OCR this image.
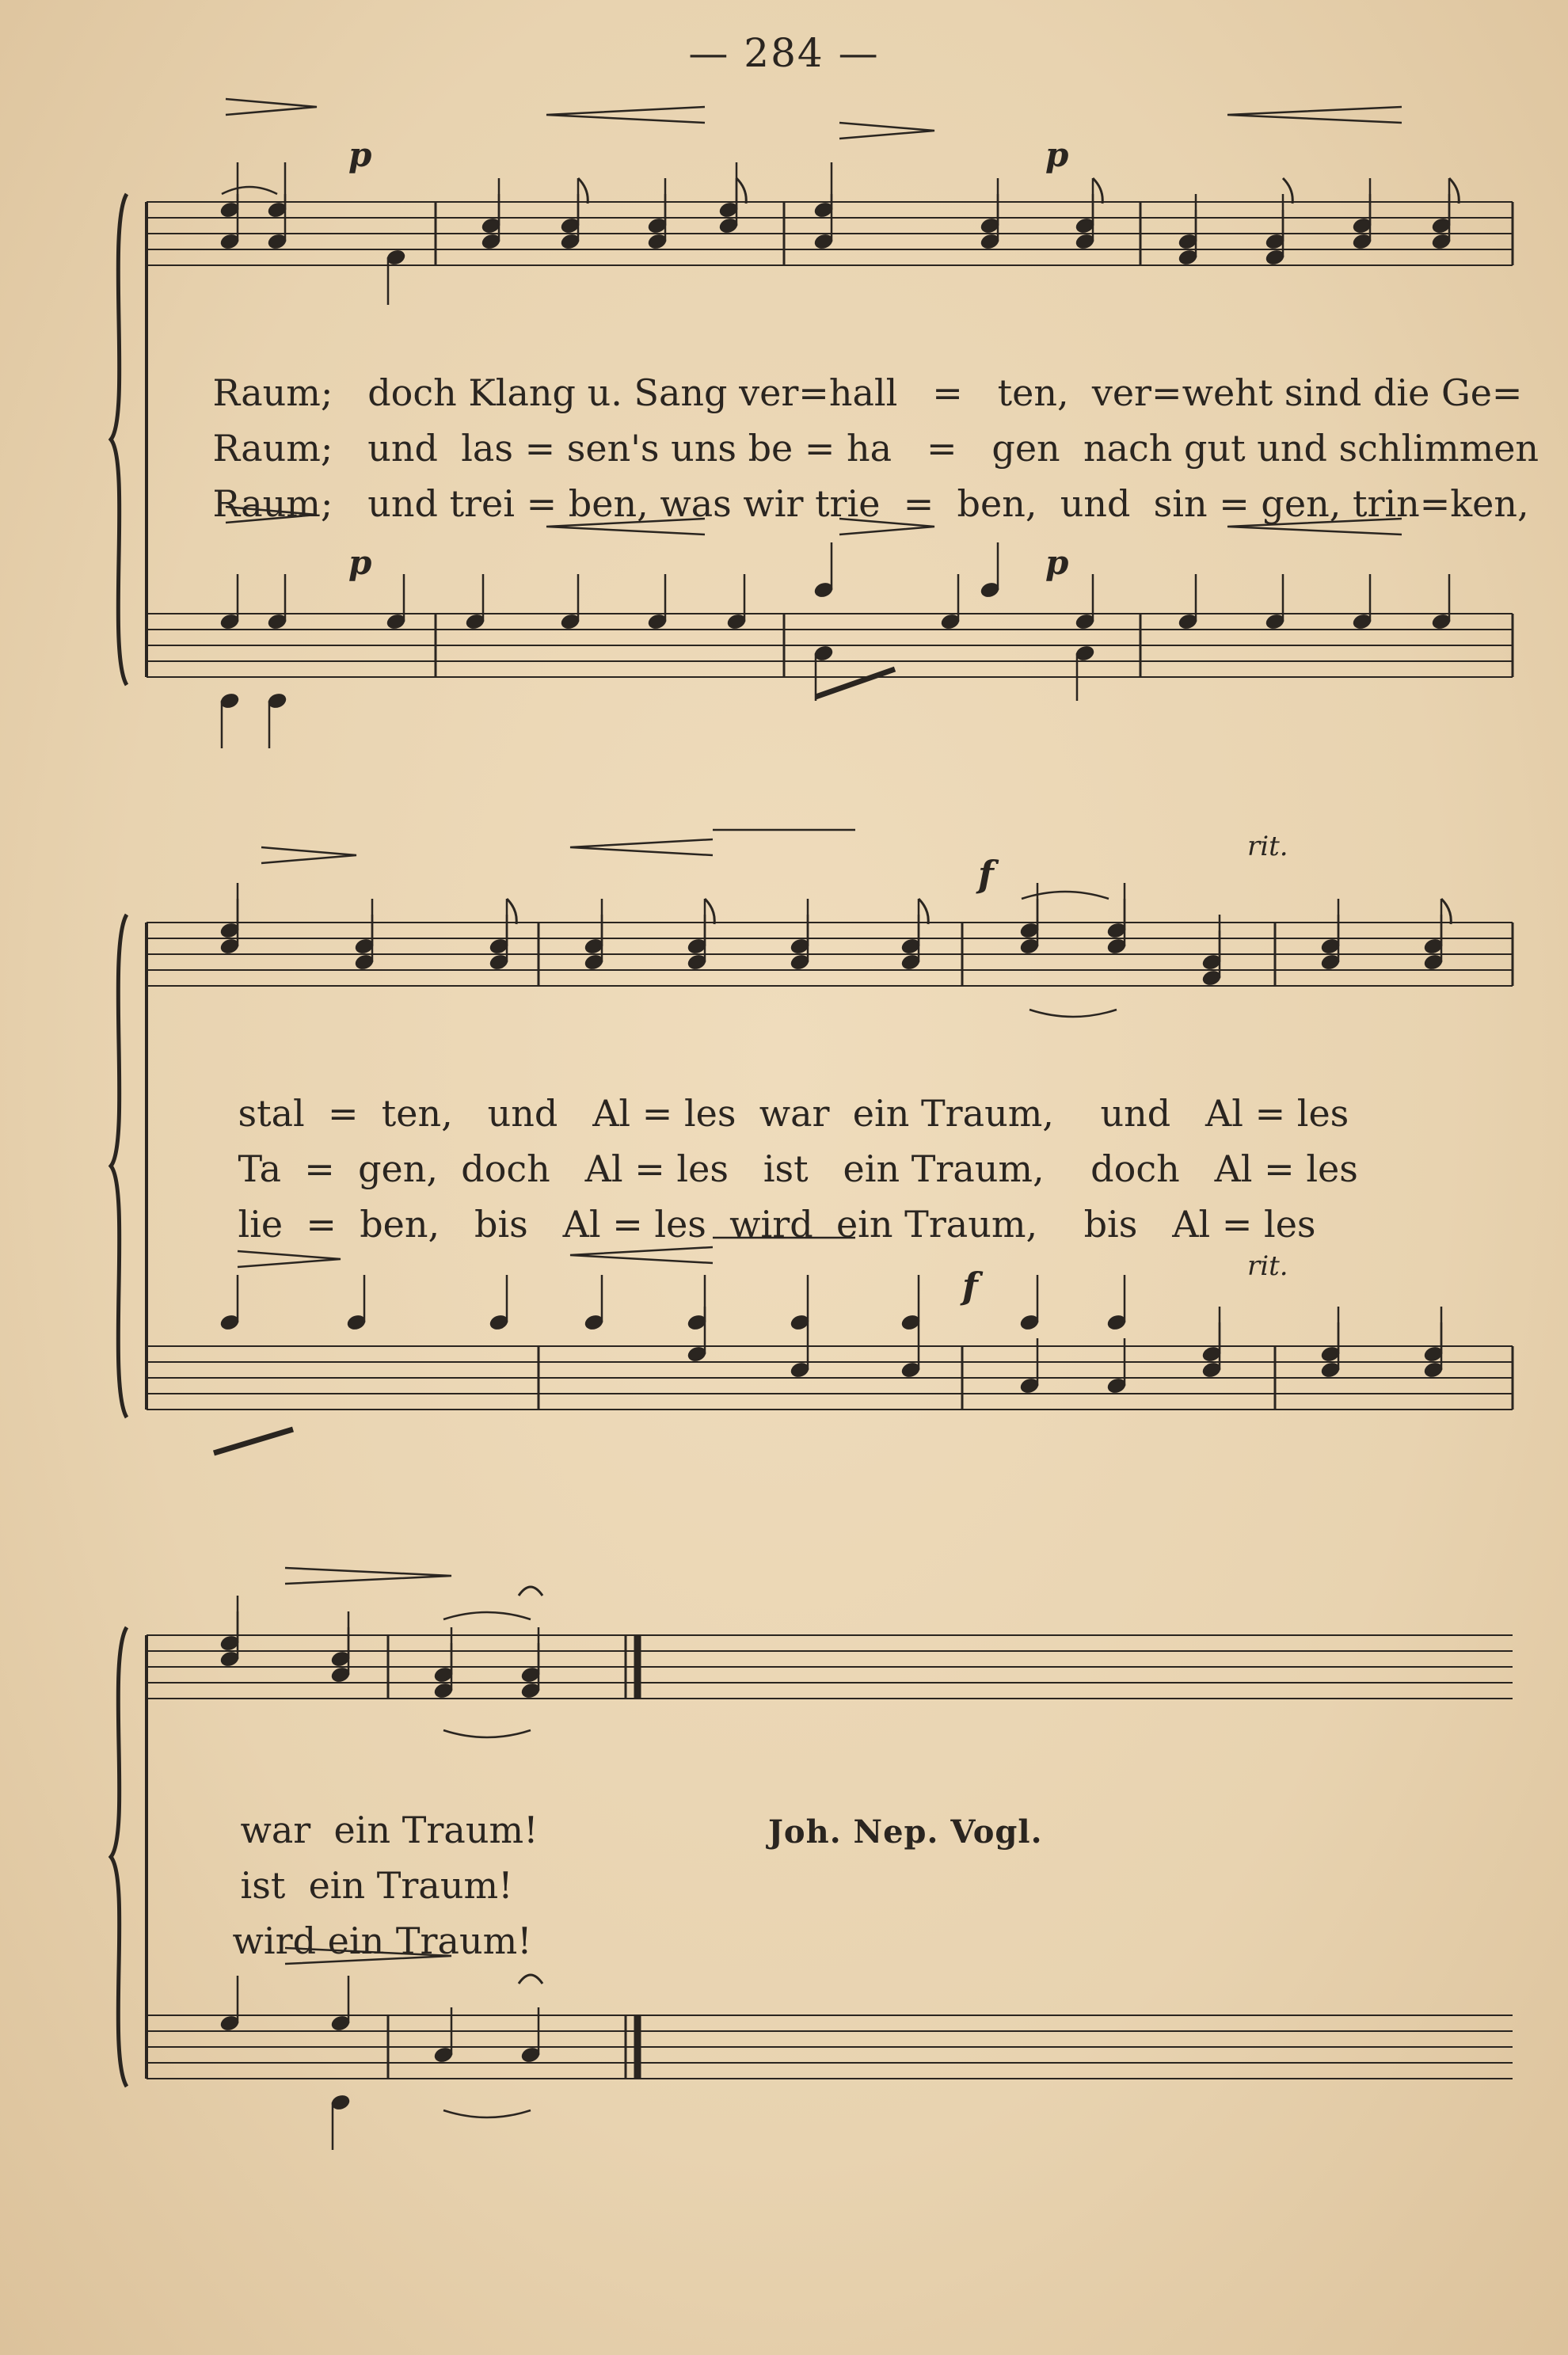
— 284 —
p	p
p	p
f
f
rit.
rit.

Raum; doch Klang u. Sang ver=hall = ten, ver=weht sind die Ge=

Raum; und las = sen's uns be = ha = gen nach gut und schlimmen

Raum; und trei = ben, was wir trie = ben, und sin = gen, trin=ken,

stal = ten, und Al = les war ein Traum, und Al = les

Ta = gen, doch Al = les ist ein Traum, doch Al = les

lie = ben, bis Al = les wird ein Traum, bis Al = les

war ein Traum!

ist ein Traum!

wird ein Traum!

Joh. Nep. Vogl.
